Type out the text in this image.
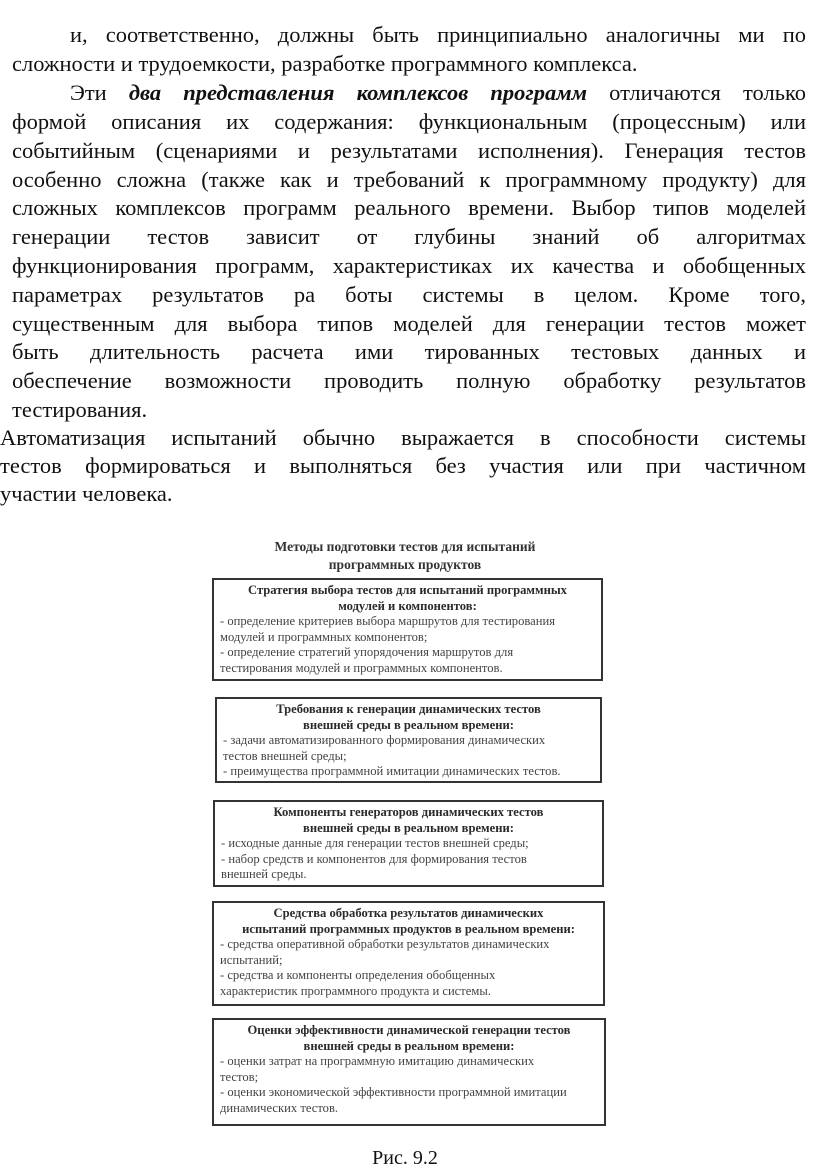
и, соответственно, должны быть принципиально аналогичны ми по
сложности и трудоемкости, разработке программного комплекса.
Эти два представления комплексов программ отличаются только
формой описания их содержания: функциональным (процессным) или
событийным (сценариями и результатами исполнения). Генерация тестов
особенно сложна (также как и требований к программному продукту) для
сложных комплексов программ реального времени. Выбор типов моделей
генерации тестов зависит от глубины знаний об алгоритмах
функционирования программ, характеристиках их качества и обобщенных
параметрах результатов ра боты системы в целом. Кроме того,
существенным для выбора типов моделей для генерации тестов может
быть длительность расчета ими тированных тестовых данных и
обеспечение возможности проводить полную обработку результатов
тестирования.
Автоматизация испытаний обычно выражается в способности системы
тестов формироваться и выполняться без участия или при частичном
участии человека.
Методы подготовки тестов для испытаний
программных продуктов
Стратегия выбора тестов для испытаний программных
модулей и компонентов:
- определение критериев выбора маршрутов для тестирования
модулей и программных компонентов;
- определение стратегий упорядочения маршрутов для
тестирования модулей и программных компонентов.
Требования к генерации динамических тестов
внешней среды в реальном времени:
- задачи автоматизированного формирования динамических
тестов внешней среды;
- преимущества программной имитации динамических тестов.
Компоненты генераторов динамических тестов
внешней среды в реальном времени:
- исходные данные для генерации тестов внешней среды;
- набор средств и компонентов для формирования тестов
внешней среды.
Средства обработка результатов динамических
испытаний программных продуктов в реальном времени:
- средства оперативной обработки результатов динамических
испытаний;
- средства и компоненты определения обобщенных
характеристик программного продукта и системы.
Оценки эффективности динамической генерации тестов
внешней среды в реальном времени:
- оценки затрат на программную имитацию динамических
тестов;
- оценки экономической эффективности программной имитации
динамических тестов.
Рис. 9.2
